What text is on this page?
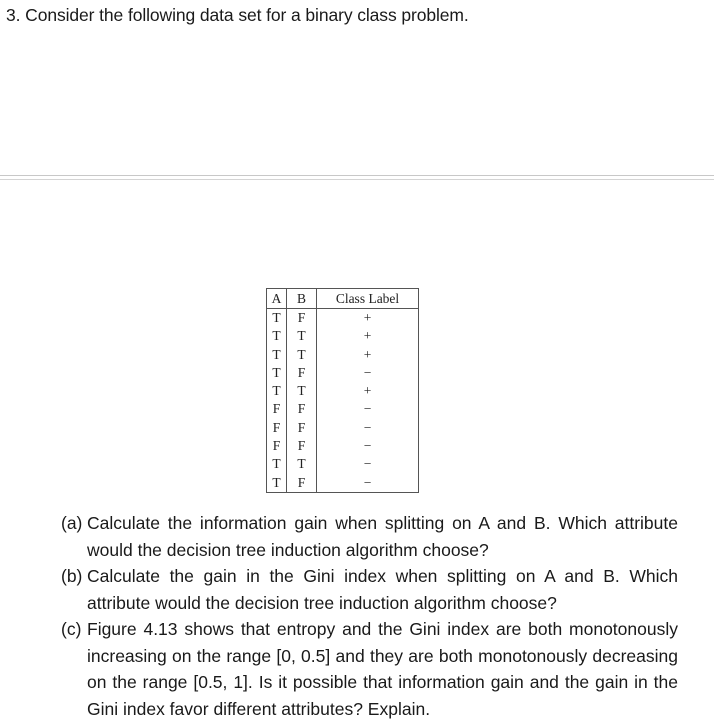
3. Consider the following data set for a binary class problem.
A	B	Class Label
T	F	+
T	T	+
T	T	+
T	F	−
T	T	+
F	F	−
F	F	−
F	F	−
T	T	−
T	F	−
(a) Calculate the information gain when splitting on A and B. Which attribute would the decision tree induction algorithm choose?
(b) Calculate the gain in the Gini index when splitting on A and B. Which attribute would the decision tree induction algorithm choose?
(c) Figure 4.13 shows that entropy and the Gini index are both monotonously increasing on the range [0, 0.5] and they are both monotonously decreasing on the range [0.5, 1]. Is it possible that information gain and the gain in the Gini index favor different attributes? Explain.
